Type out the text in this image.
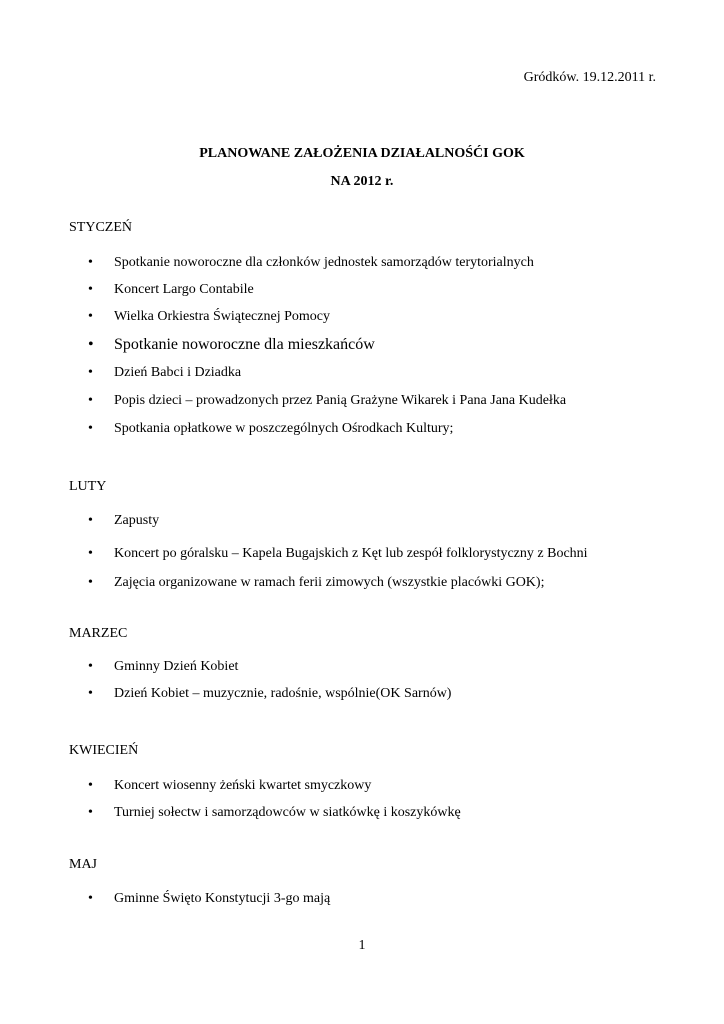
Gródków. 19.12.2011 r.
PLANOWANE ZAŁOŻENIA DZIAŁALNOŚĆI GOK
NA 2012 r.
STYCZEŃ
• Spotkanie noworoczne dla członków jednostek samorządów terytorialnych
• Koncert Largo Contabile
• Wielka Orkiestra Świątecznej Pomocy
• Spotkanie noworoczne dla mieszkańców
• Dzień Babci i Dziadka
• Popis dzieci – prowadzonych przez Panią Grażyne Wikarek i Pana Jana Kudełka
• Spotkania opłatkowe w poszczególnych Ośrodkach Kultury;
LUTY
• Zapusty
• Koncert po góralsku – Kapela Bugajskich z Kęt lub zespół folklorystyczny z Bochni
• Zajęcia organizowane w ramach ferii zimowych (wszystkie placówki GOK);
MARZEC
• Gminny Dzień Kobiet
• Dzień Kobiet – muzycznie, radośnie, wspólnie(OK Sarnów)
KWIECIEŃ
• Koncert wiosenny żeński kwartet smyczkowy
• Turniej sołectw i samorządowców w siatkówkę i koszykówkę
MAJ
• Gminne Święto Konstytucji 3-go mają
1
